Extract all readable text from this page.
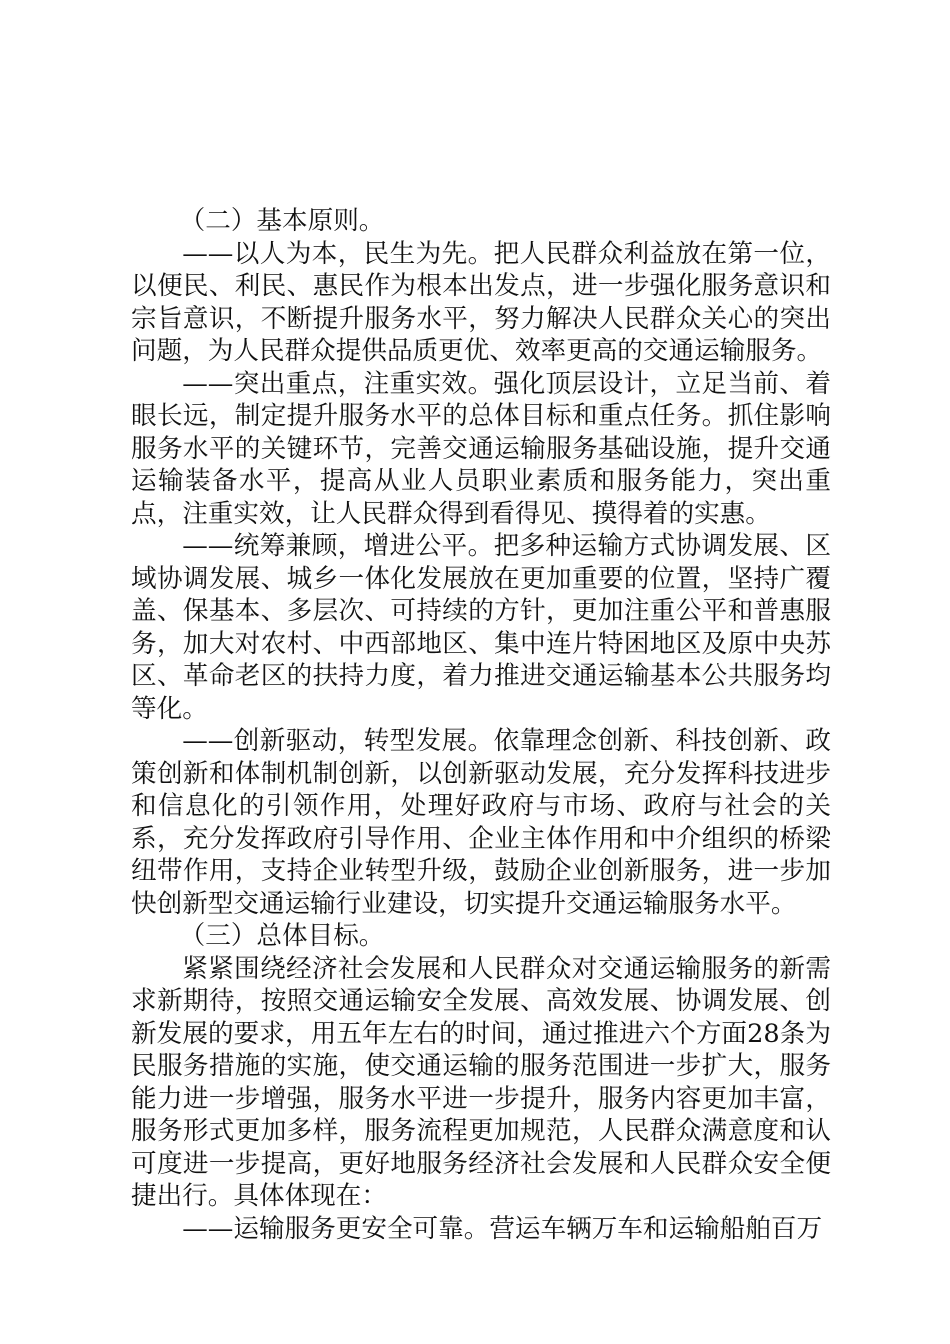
（二）基本原则。

——以人为本，民生为先。把人民群众利益放在第一位，以便民、利民、惠民作为根本出发点，进一步强化服务意识和宗旨意识，不断提升服务水平，努力解决人民群众关心的突出问题，为人民群众提供品质更优、效率更高的交通运输服务。

——突出重点，注重实效。强化顶层设计，立足当前、着眼长远，制定提升服务水平的总体目标和重点任务。抓住影响服务水平的关键环节，完善交通运输服务基础设施，提升交通运输装备水平，提高从业人员职业素质和服务能力，突出重点，注重实效，让人民群众得到看得见、摸得着的实惠。

——统筹兼顾，增进公平。把多种运输方式协调发展、区域协调发展、城乡一体化发展放在更加重要的位置，坚持广覆盖、保基本、多层次、可持续的方针，更加注重公平和普惠服务，加大对农村、中西部地区、集中连片特困地区及原中央苏区、革命老区的扶持力度，着力推进交通运输基本公共服务均等化。

——创新驱动，转型发展。依靠理念创新、科技创新、政策创新和体制机制创新，以创新驱动发展，充分发挥科技进步和信息化的引领作用，处理好政府与市场、政府与社会的关系，充分发挥政府引导作用、企业主体作用和中介组织的桥梁纽带作用，支持企业转型升级，鼓励企业创新服务，进一步加快创新型交通运输行业建设，切实提升交通运输服务水平。

（三）总体目标。

紧紧围绕经济社会发展和人民群众对交通运输服务的新需求新期待，按照交通运输安全发展、高效发展、协调发展、创新发展的要求，用五年左右的时间，通过推进六个方面28条为民服务措施的实施，使交通运输的服务范围进一步扩大，服务能力进一步增强，服务水平进一步提升，服务内容更加丰富，服务形式更加多样，服务流程更加规范，人民群众满意度和认可度进一步提高，更好地服务经济社会发展和人民群众安全便捷出行。具体体现在：

——运输服务更安全可靠。营运车辆万车和运输船舶百万
